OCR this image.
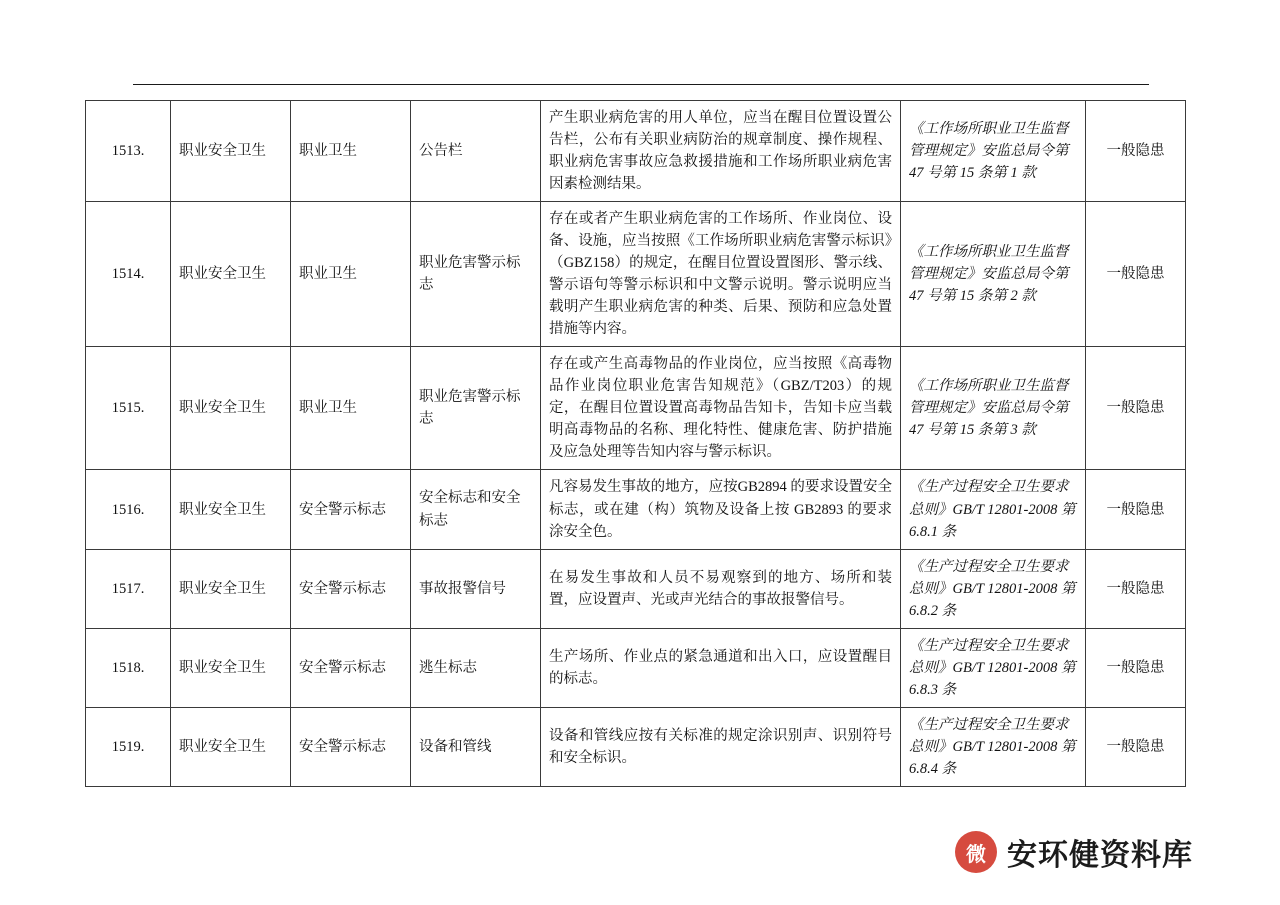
1513.	职业安全卫生	职业卫生	公告栏	产生职业病危害的用人单位，应当在醒目位置设置公告栏，公布有关职业病防治的规章制度、操作规程、职业病危害事故应急救援措施和工作场所职业病危害因素检测结果。	《工作场所职业卫生监督管理规定》安监总局令第47 号第 15 条第 1 款	一般隐患
1514.	职业安全卫生	职业卫生	职业危害警示标志	存在或者产生职业病危害的工作场所、作业岗位、设备、设施，应当按照《工作场所职业病危害警示标识》（GBZ158）的规定，在醒目位置设置图形、警示线、警示语句等警示标识和中文警示说明。警示说明应当载明产生职业病危害的种类、后果、预防和应急处置措施等内容。	《工作场所职业卫生监督管理规定》安监总局令第47 号第 15 条第 2 款	一般隐患
1515.	职业安全卫生	职业卫生	职业危害警示标志	存在或产生高毒物品的作业岗位，应当按照《高毒物品作业岗位职业危害告知规范》（GBZ/T203）的规定，在醒目位置设置高毒物品告知卡，告知卡应当载明高毒物品的名称、理化特性、健康危害、防护措施及应急处理等告知内容与警示标识。	《工作场所职业卫生监督管理规定》安监总局令第47 号第 15 条第 3 款	一般隐患
1516.	职业安全卫生	安全警示标志	安全标志和安全标志	凡容易发生事故的地方，应按GB2894 的要求设置安全标志，或在建（构）筑物及设备上按 GB2893 的要求涂安全色。	《生产过程安全卫生要求总则》GB/T 12801-2008 第 6.8.1 条	一般隐患
1517.	职业安全卫生	安全警示标志	事故报警信号	在易发生事故和人员不易观察到的地方、场所和装置，应设置声、光或声光结合的事故报警信号。	《生产过程安全卫生要求总则》GB/T 12801-2008 第 6.8.2 条	一般隐患
1518.	职业安全卫生	安全警示标志	逃生标志	生产场所、作业点的紧急通道和出入口，应设置醒目的标志。	《生产过程安全卫生要求总则》GB/T 12801-2008 第 6.8.3 条	一般隐患
1519.	职业安全卫生	安全警示标志	设备和管线	设备和管线应按有关标准的规定涂识别声、识别符号和安全标识。	《生产过程安全卫生要求总则》GB/T 12801-2008 第 6.8.4 条	一般隐患
微 安环健资料库
